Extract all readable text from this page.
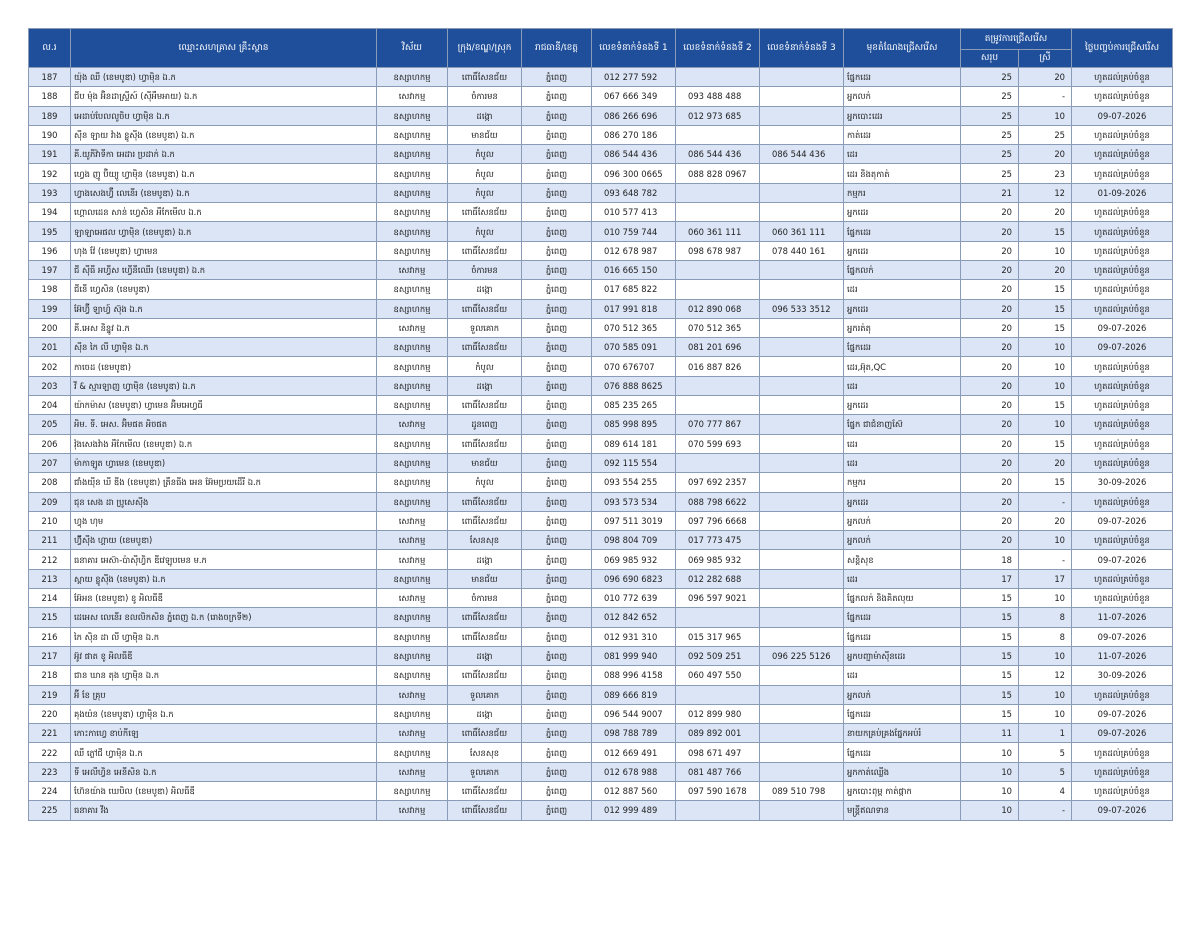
ល.រ	ឈ្មោះសហគ្រាស គ្រឹះស្ថាន	វិស័យ	ក្រុង/ខណ្ឌ/ស្រុក	រាជធានី/ខេត្ត	លេខទំនាក់ទំនងទី 1	លេខទំនាក់ទំនងទី 2	លេខទំនាក់ទំនងទី 3	មុខតំណែងជ្រើសរើស	តម្រូវការជ្រើសរើស		ថ្ងៃបញ្ចប់ការជ្រើសរើស
									សរុប	ស្រី	
187	យ៉ុង ឈី (ខេមបូឌា) ហ្វាម៉ិន ឯ.ក	ឧស្សាហកម្ម	ពោធិ៍សែនជ័យ	ភ្នំពេញ	012 277 592			ផ្នែកដេរ	25	20	ហូតដល់គ្រប់ចំនួន
188	ជីប ម៉ុង អ៊ិនដាស្ទ្រីស៍ (ស៊ីអឹមអាយ) ឯ.ក	សេវាកម្ម	ចំការមន	ភ្នំពេញ	067 666 349	093 488 488		អ្នកលក់	25	-	ហូតដល់គ្រប់ចំនួន
189	អេដាប់បែលលូចិប ហ្វាម៉ិន ឯ.ក	ឧស្សាហកម្ម	ដង្កោ	ភ្នំពេញ	086 266 696	012 973 685		អ្នកបោះដេរ	25	10	09-07-2026
190	ស៊ីន ឡាយ វ៉ាង ខ្លូស៊ីង (ខេមបូឌា) ឯ.ក	ឧស្សាហកម្ម	មានជ័យ	ភ្នំពេញ	086 270 186			កាត់ដេរ	25	25	ហូតដល់គ្រប់ចំនួន
191	គី.យូភីវ៉ាទីកា អេដារ ប្រដាក់ ឯ.ក	ឧស្សាហកម្ម	កំបូល	ភ្នំពេញ	086 544 436	086 544 436	086 544 436	ដេរ	25	20	ហូតដល់គ្រប់ចំនួន
192	ហ្វេង ញូ ប៊ិយ្យូ ហ្វាម៉ិន (ខេមបូឌា) ឯ.ក	ឧស្សាហកម្ម	កំបូល	ភ្នំពេញ	096 300 0665	088 828 0967		ដេរ និងតុកាត់	25	23	ហូតដល់គ្រប់ចំនួន
193	ហ្វាងសេងហ្វ៊ី លេនើរ (ខេមបូឌា) ឯ.ក	ឧស្សាហកម្ម	កំបូល	ភ្នំពេញ	093 648 782			កម្មករ	21	12	01-09-2026
194	ហ្គោលដេន សាន់ ហ្វេសិន អឹកែមើល ឯ.ក	ឧស្សាហកម្ម	ពោធិ៍សែនជ័យ	ភ្នំពេញ	010 577 413			អ្នកដេរ	20	20	ហូតដល់គ្រប់ចំនួន
195	ឡាឡាអេផល ហ្វាម៉ិន (ខេមបូឌា) ឯ.ក	ឧស្សាហកម្ម	កំបូល	ភ្នំពេញ	010 759 744	060 361 111	060 361 111	ផ្នែកដេរ	20	15	ហូតដល់គ្រប់ចំនួន
196	ហុង វ៉ែ (ខេមបូឌា) ហ្វាមេន	ឧស្សាហកម្ម	ពោធិ៍សែនជ័យ	ភ្នំពេញ	012 678 987	098 678 987	078 440 161	អ្នកដេរ	20	10	ហូតដល់គ្រប់ចំនួន
197	ជី ស៊ីធី អហ្វីស ហ្វើនីឈើរ (ខេមបូឌា) ឯ.ក	សេវាកម្ម	ចំការមន	ភ្នំពេញ	016 665 150			ផ្នែកលក់	20	20	ហូតដល់គ្រប់ចំនួន
198	ជីនើ ហ្វេសិន (ខេមបូឌា)	ឧស្សាហកម្ម	ដង្កោ	ភ្នំពេញ	017 685 822			ដេរ	20	15	ហូតដល់គ្រប់ចំនួន
199	អ៊ែហ្វ៊ី ឡាហ្វ៍ ស៊ុង ឯ.ក	ឧស្សាហកម្ម	ពោធិ៍សែនជ័យ	ភ្នំពេញ	017 991 818	012 890 068	096 533 3512	អ្នកដេរ	20	15	ហូតដល់គ្រប់ចំនួន
200	គី.អេស និន្នូវ ឯ.ក	សេវាកម្ម	ទួលគោក	ភ្នំពេញ	070 512 365	070 512 365		អ្នករត់តុ	20	15	09-07-2026
201	ស៊ីន កៃ លី ហ្វាម៉ិន ឯ.ក	ឧស្សាហកម្ម	ពោធិ៍សែនជ័យ	ភ្នំពេញ	070 585 091	081 201 696		ផ្នែកដេរ	20	10	09-07-2026
202	កាចេដ (ខេមបូឌា)	ឧស្សាហកម្ម	កំបូល	ភ្នំពេញ	070 676707	016 887 826		ដេរ,អ៊ុត,QC	20	10	ហូតដល់គ្រប់ចំនួន
203	វី & ស្មារឡាញ ហ្វាម៉ិន (ខេមបូឌា) ឯ.ក	ឧស្សាហកម្ម	ដង្កោ	ភ្នំពេញ	076 888 8625			ដេរ	20	10	ហូតដល់គ្រប់ចំនួន
204	យ៉ាកម៉ាស (ខេមបូឌា) ហ្វាមេន អ៊ិមអេហ្វធី	ឧស្សាហកម្ម	ពោធិ៍សែនជ័យ	ភ្នំពេញ	085 235 265			អ្នកដេរ	20	15	ហូតដល់គ្រប់ចំនួន
205	អិម. ទី. អេស. អ៊ិមផត អិចផត	សេវាកម្ម	ដូនពេញ	ភ្នំពេញ	085 998 895	070 777 867		ផ្នែក ជាជំនាញស៊ែ	20	10	ហូតដល់គ្រប់ចំនួន
206	វ៉ុងសេងវ៉ាង អឹកែមើល (ខេមបូឌា) ឯ.ក	ឧស្សាហកម្ម	ពោធិ៍សែនជ័យ	ភ្នំពេញ	089 614 181	070 599 693		ដេរ	20	15	ហូតដល់គ្រប់ចំនួន
207	ម៉ាកាឡូត ហ្វាមេន (ខេមបូឌា)	ឧស្សាហកម្ម	មានជ័យ	ភ្នំពេញ	092 115 554			ដេរ	20	20	ហូតដល់គ្រប់ចំនួន
208	ជាំងយ៉ីន ឃី ឌីង (ខេមបូឌា) ត្រឹនធីង អេន អ៊ែមប្រយដើរី ឯ.ក	ឧស្សាហកម្ម	កំបូល	ភ្នំពេញ	093 554 255	097 692 2357		កម្មករ	20	15	30-09-2026
209	ជុន សេង ដា ប្រូសេស៊ីង	ឧស្សាហកម្ម	ពោធិ៍សែនជ័យ	ភ្នំពេញ	093 573 534	088 798 6622		អ្នកដេរ	20	-	ហូតដល់គ្រប់ចំនួន
210	ហ្វុង ហុម	សេវាកម្ម	ពោធិ៍សែនជ័យ	ភ្នំពេញ	097 511 3019	097 796 6668		អ្នកលក់	20	20	09-07-2026
211	ហ៊្វីស៊ីង ហ្គាយ (ខេមបូឌា)	សេវាកម្ម	សែនសុខ	ភ្នំពេញ	098 804 709	017 773 475		អ្នកលក់	20	10	ហូតដល់គ្រប់ចំនួន
212	ធនាគារ អេស៊ា-ប៉ាស៊ីហ្វិក ឌីវេឡុបមេន ម.ក	សេវាកម្ម	ដង្កោ	ភ្នំពេញ	069 985 932	069 985 932		សន្តិសុខ	18	-	09-07-2026
213	ស្តាយ ខ្លូស៊ីង (ខេមបូឌា) ឯ.ក	ឧស្សាហកម្ម	មានជ័យ	ភ្នំពេញ	096 690 6823	012 282 688		ដេរ	17	17	ហូតដល់គ្រប់ចំនួន
214	អ៊ែអន (ខេមបូឌា) ខូ អិលធីឌី	សេវាកម្ម	ចំការមន	ភ្នំពេញ	010 772 639	096 597 9021		ផ្នែកលក់ និងគិតលុយ	15	10	ហូតដល់គ្រប់ចំនួន
215	ដេអេស លេនើរ ខលលិកសិន ភ្នំពេញ ឯ.ក (រោងចក្រទី២)	ឧស្សាហកម្ម	ពោធិ៍សែនជ័យ	ភ្នំពេញ	012 842 652			ផ្នែកដេរ	15	8	11-07-2026
216	កៃ ស៊ិន ដា លី ហ្វាម៉ិន ឯ.ក	ឧស្សាហកម្ម	ពោធិ៍សែនជ័យ	ភ្នំពេញ	012 931 310	015 317 965		ផ្នែកដេរ	15	8	09-07-2026
217	អ៊ូវ ផាត ខូ អិលធីឌី	ឧស្សាហកម្ម	ដង្កោ	ភ្នំពេញ	081 999 940	092 509 251	096 225 5126	អ្នកបញ្ជាម៉ាស៊ីនដេរ	15	10	11-07-2026
218	ជាន ឃាន តុង ហ្វាម៉ិន ឯ.ក	ឧស្សាហកម្ម	ពោធិ៍សែនជ័យ	ភ្នំពេញ	088 996 4158	060 497 550		ដេរ	15	12	30-09-2026
219	អ៊ី ខែ គ្រុប	សេវាកម្ម	ទួលគោក	ភ្នំពេញ	089 666 819			អ្នកលក់	15	10	ហូតដល់គ្រប់ចំនួន
220	គុងយ៉ន (ខេមបូឌា) ហ្វាម៉ិន ឯ.ក	ឧស្សាហកម្ម	ដង្កោ	ភ្នំពេញ	096 544 9007	012 899 980		ផ្នែកដេរ	15	10	09-07-2026
221	កោះកាហ្វេ ខាប់កីឡេ	សេវាកម្ម	ពោធិ៍សែនជ័យ	ភ្នំពេញ	098 788 789	089 892 001		នាយកគ្រប់គ្រងផ្នែកអប់រំ	11	1	09-07-2026
222	ឈឺ ភ្លៅជី ហ្វាម៉ិន ឯ.ក	ឧស្សាហកម្ម	សែនសុខ	ភ្នំពេញ	012 669 491	098 671 497		ផ្នែកដេរ	10	5	ហូតដល់គ្រប់ចំនួន
223	ទី អេលីហ្វិន អេនីសិន ឯ.ក	សេវាកម្ម	ទួលគោក	ភ្នំពេញ	012 678 988	081 487 766		អ្នកកាត់ឈ្លើង	10	5	ហូតដល់គ្រប់ចំនួន
224	ហ៊ែនយ៉ាង ឃេបិល (ខេមបូឌា) អិលធីឌី	ឧស្សាហកម្ម	ពោធិ៍សែនជ័យ	ភ្នំពេញ	012 887 560	097 590 1678	089 510 798	អ្នកបោះពុម្ព កាត់ផ្កាក	10	4	ហូតដល់គ្រប់ចំនួន
225	ធនាគារ វីង	សេវាកម្ម	ពោធិ៍សែនជ័យ	ភ្នំពេញ	012 999 489			មន្ត្រីឥណទាន	10	-	09-07-2026
